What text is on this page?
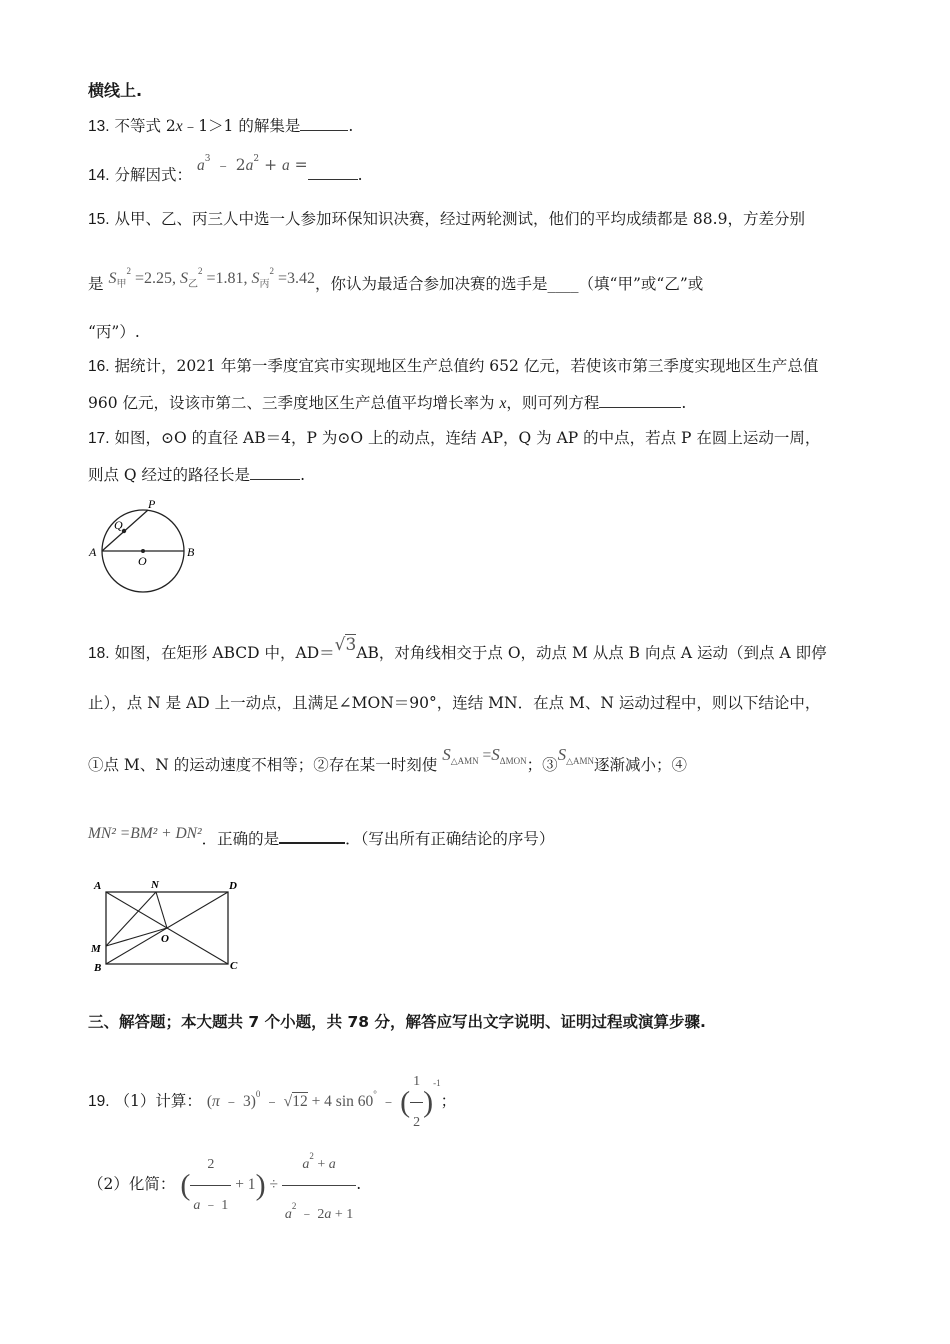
横线上.
13. 不等式 2x﹣1＞1 的解集是	.
14. 分解因式： $a^3$ ﹣ $2a^2 + a$ =.
15. 从甲、乙、丙三人中选一人参加环保知识决赛，经过两轮测试，他们的平均成绩都是 88.9，方差分别
是 $S_甲^2 =2.25$, $S_乙^2 =1.81$, $S_丙^2 =3.42$，你认为最适合参加决赛的选手是____（填“甲”或“乙”或
“丙”）.
16. 据统计，2021 年第一季度宜宾市实现地区生产总值约 652 亿元，若使该市第三季度实现地区生产总值
960 亿元，设该市第二、三季度地区生产总值平均增长率为 x，则可列方程	.
17. 如图，⊙O 的直径 AB＝4，P 为⊙O 上的动点，连结 AP，Q 为 AP 的中点，若点 P 在圆上运动一周，
则点 Q 经过的路径长是	.
P
Q
A
O
B
18. 如图，在矩形 ABCD 中，AD＝√3AB，对角线相交于点 O，动点 M 从点 B 向点 A 运动（到点 A 即停
止），点 N 是 AD 上一动点，且满足∠MON＝90°，连结 MN．在点 M、N 运动过程中，则以下结论中，
①点 M、N 的运动速度不相等；②存在某一时刻使 $S_{\triangle AMN} =S_{\Delta MON}$；$③S_{\triangle AMN}$逐渐减小；④
MN² =BM² + DN²．正确的是	．（写出所有正确结论的序号）
A	N	D
M
O
B	C
三、解答题；本大题共 7 个小题，共 78 分，解答应写出文字说明、证明过程或演算步骤.
19. （1）计算： (π ﹣ 3)$^0$ ﹣ √12 + 4 sin 60° ﹣ ( $\frac{1}{2} )^{-1}$；
（2）化简： ( $\frac{2}{a ﹣ 1} + 1) \div \frac{a^2 + a}{a^2 ﹣ 2a + 1}$ .
